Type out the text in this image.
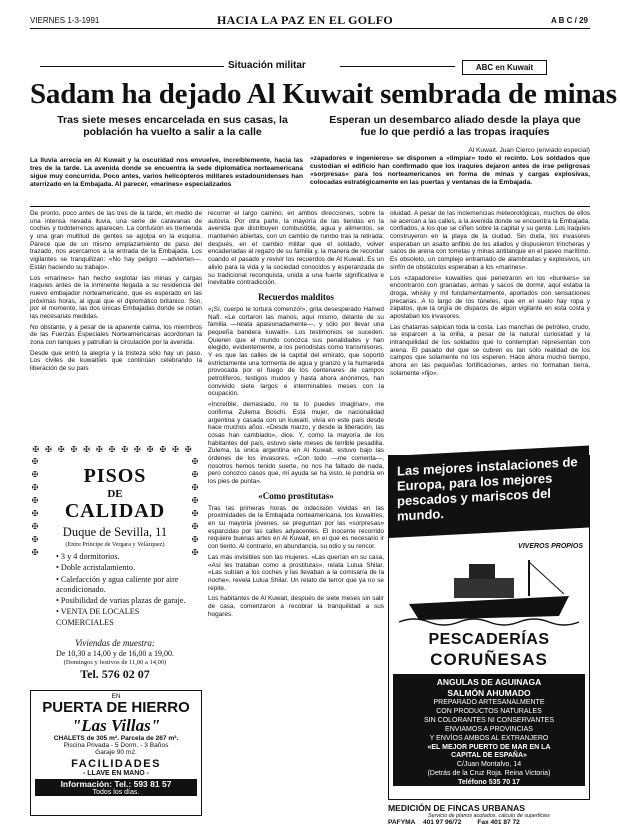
VIERNES 1-3-1991	HACIA LA PAZ EN EL GOLFO	A B C / 29
Situación militar	ABC en Kuwait
Sadam ha dejado Al Kuwait sembrada de minas
Tras siete meses encarcelada en sus casas, la población ha vuelto a salir a la calle
Esperan un desembarco aliado desde la playa que fue lo que perdió a las tropas iraquíes
La lluvia arrecia en Al Kuwait y la oscuridad nos envuelve, increíblemente, hacia las tres de la tarde. La avenida donde se encuentra la sede diplomática norteamericana sigue muy concurrida. Poco antes, varios helicópteros militares estadounidenses han aterrizado en la Embajada. Al parecer, «marines» especializados
Al Kuwait. Juan Cierco (enviado especial)
«zapadores e ingenieros» se disponen a «limpiar» todo el recinto. Los soldados que custodian el edificio han confirmado que los iraquíes dejaron antes de irse peligrosas «sorpresas» para los norteamericanos en forma de minas y cargas explosivas, colocadas estratégicamente en las puertas y ventanas de la Embajada.

De pronto, poco antes de las tres de la tarde, en medio de una intensa nevada lluvia, una serie de caravanas de coches y todoterrenos aparecen. La confusión es tremenda y una gran multitud de gentes se agolpa en la esquina. Parece que de un mismo emplazamiento de paso del trazado, nos acercamos a la entrada de la Embajada. Los vigilantes se tranquilizan: «No hay peligro —advierten—. Están haciendo su trabajo».

Los «marines» han hecho explotar las minas y cargas iraquíes antes de la inminente llegada a su residencia del nuevo embajador norteamericano, que es esperado en las próximas horas, al igual que el diplomático británico. Son, por el momento, las dos únicas Embajadas donde se notan las necesarias medidas.

No obstante, y a pesar de la aparente calma, los miembros de las Fuerzas Especiales Norteamericanas acordonan la zona con tanques y patrullan la circulación por la avenida.

Desde que entró la alegría y la tristeza sólo hay un paso. Los civiles de kuwaitíes que continúan celebrando la liberación de su país

✠✠✠✠✠✠✠✠✠✠✠✠✠
✠
✠
✠
✠
✠
✠
✠
✠
✠
✠
✠
✠
✠
✠
✠
✠
PISOS
DE
CALIDAD
Duque de Sevilla, 11
(Entre Príncipe de Vergara y Velázquez)
• 3 y 4 dormitorios.
• Doble acristalamiento.
• Calefacción y agua caliente por aire acondicionado.
• Posibilidad de varias plazas de garaje.
• VENTA DE LOCALES COMERCIALES
Viviendas de muestra:
De 10,30 a 14,00 y de 16,00 a 19,00.
(Domingos y festivos de 11,00 a 14,00)
Tel. 576 02 07
EN
PUERTA DE HIERRO
"Las Villas"
CHALETS de 305 m². Parcela de 267 m².
Piscina Privada - 5 Dorm. - 3 Baños
Garaje 90 m2.
FACILIDADES
- LLAVE EN MANO -
Información: Tel.: 593 81 57
Todos los días.

recorrer el largo camino, en ambos direcciones, sobre la autovía. Por otra parte, la mayoría de las tiendas en la avenida que distribuyen combustible, agua y alimentos, se mantienen abiertas, con un cambio de rumbo tras la retirada: después, en el cambio militar que el soldado, volver encadenadas al regazo de su familia y, la manera de recordar cuando el pasado y revivir los recuerdos de Al Kuwait. Es un alivio para la vida y la sociedad conocidos y esperanzada de su tradicional reconquista, unida a una fuerte significativa e inevitable contradicción.

Recuerdos malditos

«¡Sí, cuerpo te tortura comenzó!», grita desesperado Hamed Nafi. «Le cortaron las manos, aquí mismo, delante de su familia —relata apasionadamente—, y sólo por llevar una pequeña bandera kuwaití». Los testimonios se suceden. Quieren que el mundo conozca sus penalidades y han elegido, evidentemente, a los periodistas como transmisores. Y es que las calles de la capital del emirato, que soportó estrictamente una tormenta de agua y granizo y la humareda provocada por el fuego de los centenares de campos petrolíferos, testigos mudos y hasta ahora anónimos, han convivido siete largos e interminables meses con la ocupación.

«Increíble, demasiado, no te lo puedes imaginar», me confirma Zulema Boschi. Está mujer, de nacionalidad argentina y casada con un kuwaití, vivía en este país desde hace muchos años. «Desde marzo, y desde la liberación, las cosas han cambiado», dice. Y, como la mayoría de los habitantes del país, estuvo siete meses de terrible pesadilla. Zulema, la única argentina en Al Kuwait, estuvo bajo las órdenes de los invasores. «Con todo —me comenta—, nosotros hemos tenido suerte, no nos ha faltado de nada, pero conozco casos que, mi ayuda se ha visto, le pondría en los pies de punta».

«Como prostitutas»

Tras las primeras horas de indecisión vividas en las proximidades de la Embajada norteamericana, los kuwaitíes, en su mayoría jóvenes, se preguntan por las «sorpresas» esparcidas por las calles adyacentes. El inocente recorrido requiere buenas artes en Al Kuwait, en el que es necesario ir con tiento. Al contrario, en abundancia, su odio y su rencor.

Las más invisibles son las mujeres. «Las querían en su casa, «Así les trataban como a prostitutas», relata Lulua Shilar. «Las subían a los coches y las llevaban a la comisaría de la noche», revela Lulua Shilar. Un relato de terror que ya no se repite.

Los habitantes de Al Kuwait, después de siete meses sin salir de casa, comenzaron a recobrar la tranquilidad a sus hogares.

oluidad. A pesar de las inclemencias meteorológicas, muchos de ellos se acercan a las calles, a la avenida donde se encuentra la Embajada, confiados, a los que se ciñen sobre la capital y su gente. Los iraquíes construyeron en la playa de la ciudad. Sin duda, los invasores esperaban un asalto anfibio de los aliados y dispusieron trincheras y sacos de arena con torretas y minas antitanque en el paseo marítimo. Es obsoleto, un complejo entramado de alambradas y explosivos, un sinfín de obstáculos esperaban a los «marines».

Los «zapadores» kuwaitíes que penetraron en los «bunkers» se encontraron con granadas, armas y sacos de dormir, aquí estaba la droga, whisky y mil fundamentalmente, aportados con sensaciones precarias. A lo largo de los túneles, que en el suelo hay ropa y zapatos, que la orgía de disparos de algún vigilante en esta costa y apostaban los invasores.

Las chatarras salpican toda la costa. Las manchas de petróleo, crudo, se esparcen a la orilla, a pesar de la natural curiosidad y la intranquilidad de los soldados que lo contemplan representan con arena. El pasado del que se cubren es tan sólo realidad de los campos que solamente no los esperen. Hace ahora mucho tiempo, ahora en las pequeñas fortificaciones, antes no formaban tierra, solamente «fijo».

Las mejores instalaciones de Europa, para los mejores pescados y mariscos del mundo.
VIVEROS PROPIOS
PESCADERÍAS
CORUÑESAS
ANGULAS DE AGUINAGA
SALMÓN AHUMADO
PREPARADO ARTESANALMENTE
CON PRODUCTOS NATURALES
SIN COLORANTES NI CONSERVANTES
ENVIAMOS A PROVINCIAS
Y ENVÍOS AMBOS AL EXTRANJERO
«EL MEJOR PUERTO DE MAR EN LA
CAPITAL DE ESPAÑA»
C/Juan Montalvo, 14
(Detrás de la Cruz Roja. Reina Victoria)
Teléfono 535 70 17
MEDICIÓN DE FINCAS URBANAS
Servicio de planos acotados, cálculo de superficies
PAFYMA 401 97 96/72 Fax 401 87 72
